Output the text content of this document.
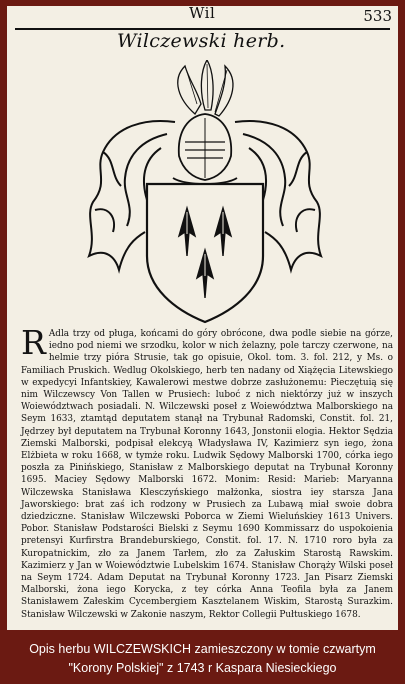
Wil	533
Wilczewski herb.

R Adla trzy od pługa, końcami do góry obrócone, dwa podle siebie na górze, iedno pod niemi we srzodku, kolor w nich żelazny, pole tarczy czerwone, na helmie trzy pióra Strusie, tak go opisuie, Okol. tom. 3. fol. 212, y Ms. o Familiach Pruskich. Wedlug Okolskiego, herb ten nadany od Xiążęcia Litewskiego w expedycyi Infantskiey, Kawalerowi mestwe dobrze zasłużonemu: Pieczętuią się nim Wilczewscy Von Tallen w Prusiech: luboć z nich niektórzy już w inszych Woiewództwach posiadali. N. Wilczewski poseł z Woiewództwa Malborskiego na Seym 1633, ztamtąd deputatem stanął na Trybunał Radomski, Constit. fol. 21, Jędrzey był deputatem na Trybunał Koronny 1643, Jonstonii elogia. Hektor Sędzia Ziemski Malborski, podpisał elekcyą Władysława IV, Kazimierz syn iego, żona Elżbieta w roku 1668, w tymże roku. Ludwik Sędowy Malborski 1700, córka iego poszła za Pinińskiego, Stanisław z Malborskiego deputat na Trybunał Koronny 1695. Maciey Sędowy Malborski 1672. Monim: Resid: Marieb: Maryanna Wilczewska Stanisława Klesczyńskiego małżonka, siostra iey starsza Jana Jaworskiego: brat zaś ich rodzony w Prusiech za Lubawą miał swoie dobra dziedziczne. Stanisław Wilczewski Poborca w Ziemi Wieluńskiey 1613 Univers. Pobor. Stanisław Podstarości Bielski z Seymu 1690 Kommissarz do uspokoienia pretensyi Kurfirstra Brandeburskiego, Constit. fol. 17. N. 1710 roro była za Kuropatnickim, zło za Janem Tarłem, zło za Załuskim Starostą Rawskim. Kazimierz y Jan w Woiewództwie Lubelskim 1674. Stanisław Chorąży Wilski poseł na Seym 1724. Adam Deputat na Trybunał Koronny 1723. Jan Pisarz Ziemski Malborski, żona iego Korycka, z tey córka Anna Teofila była za Janem Stanisławem Załeskim Cycembergiem Kasztelanem Wiskim, Starostą Surazkim. Stanisław Wilczewski w Zakonie naszym, Rektor Collegii Pułtuskiego 1678.

Opis herbu WILCZEWSKICH zamieszczony w tomie czwartym
"Korony Polskiej" z 1743 r Kaspara Niesieckiego
